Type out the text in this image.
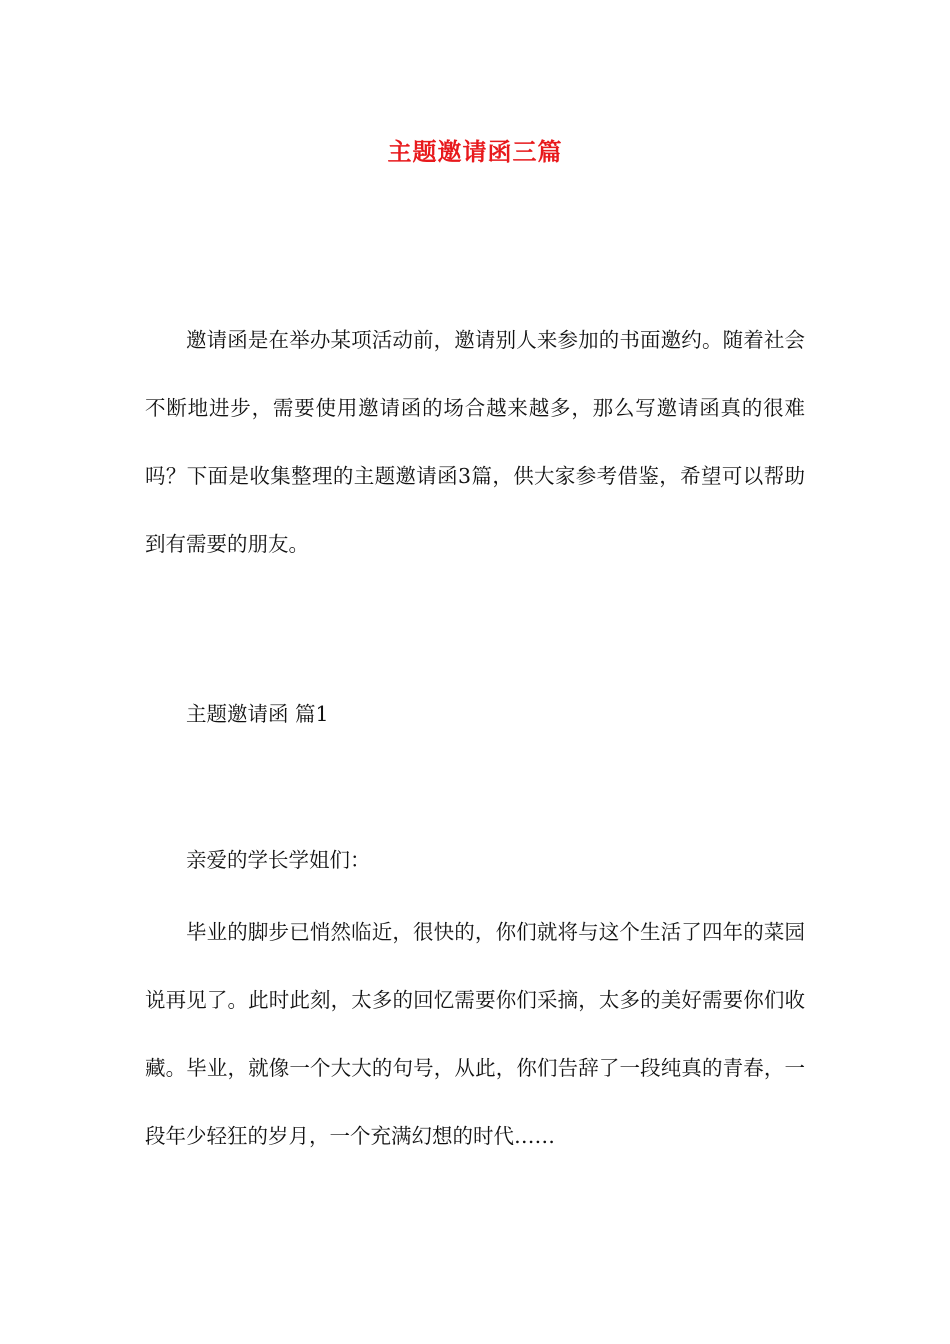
主题邀请函三篇

邀请函是在举办某项活动前，邀请别人来参加的书面邀约。随着社会不断地进步，需要使用邀请函的场合越来越多，那么写邀请函真的很难吗？下面是收集整理的主题邀请函3篇，供大家参考借鉴，希望可以帮助到有需要的朋友。

主题邀请函 篇1

亲爱的学长学姐们：

毕业的脚步已悄然临近，很快的，你们就将与这个生活了四年的菜园说再见了。此时此刻，太多的回忆需要你们采摘，太多的美好需要你们收藏。毕业，就像一个大大的句号，从此，你们告辞了一段纯真的青春，一段年少轻狂的岁月，一个充满幻想的时代……
